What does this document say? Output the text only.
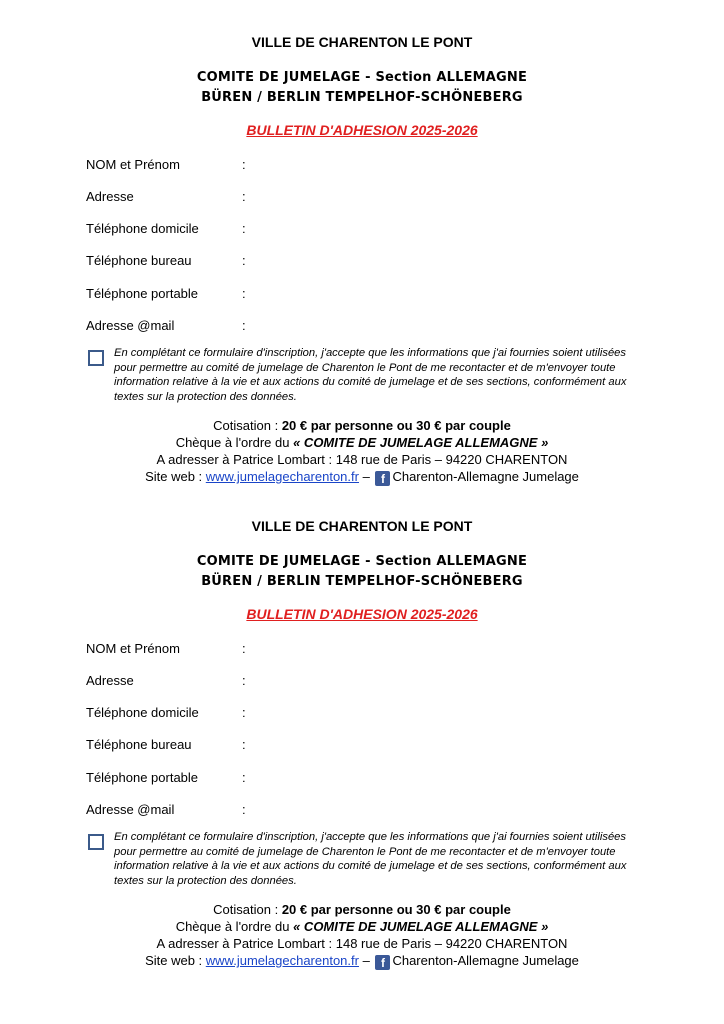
VILLE DE CHARENTON LE PONT
COMITE DE JUMELAGE - Section ALLEMAGNE
BÜREN / BERLIN TEMPELHOF-SCHÖNEBERG
BULLETIN D'ADHESION 2025-2026
NOM et Prénom	:
Adresse	:
Téléphone domicile	:
Téléphone bureau	:
Téléphone portable	:
Adresse @mail	:
En complétant ce formulaire d'inscription, j'accepte que les informations que j'ai fournies soient utilisées pour permettre au comité de jumelage de Charenton le Pont de me recontacter et de m'envoyer toute information relative à la vie et aux actions du comité de jumelage et de ses sections, conformément aux textes sur la protection des données.
Cotisation : 20 € par personne ou 30 € par couple
Chèque à l'ordre du « COMITE DE JUMELAGE ALLEMAGNE »
A adresser à Patrice Lombart : 148 rue de Paris – 94220 CHARENTON
Site web : www.jumelagecharenton.fr – f Charenton-Allemagne Jumelage
VILLE DE CHARENTON LE PONT
COMITE DE JUMELAGE - Section ALLEMAGNE
BÜREN / BERLIN TEMPELHOF-SCHÖNEBERG
BULLETIN D'ADHESION 2025-2026
NOM et Prénom	:
Adresse	:
Téléphone domicile	:
Téléphone bureau	:
Téléphone portable	:
Adresse @mail	:
En complétant ce formulaire d'inscription, j'accepte que les informations que j'ai fournies soient utilisées pour permettre au comité de jumelage de Charenton le Pont de me recontacter et de m'envoyer toute information relative à la vie et aux actions du comité de jumelage et de ses sections, conformément aux textes sur la protection des données.
Cotisation : 20 € par personne ou 30 € par couple
Chèque à l'ordre du « COMITE DE JUMELAGE ALLEMAGNE »
A adresser à Patrice Lombart : 148 rue de Paris – 94220 CHARENTON
Site web : www.jumelagecharenton.fr – f Charenton-Allemagne Jumelage
